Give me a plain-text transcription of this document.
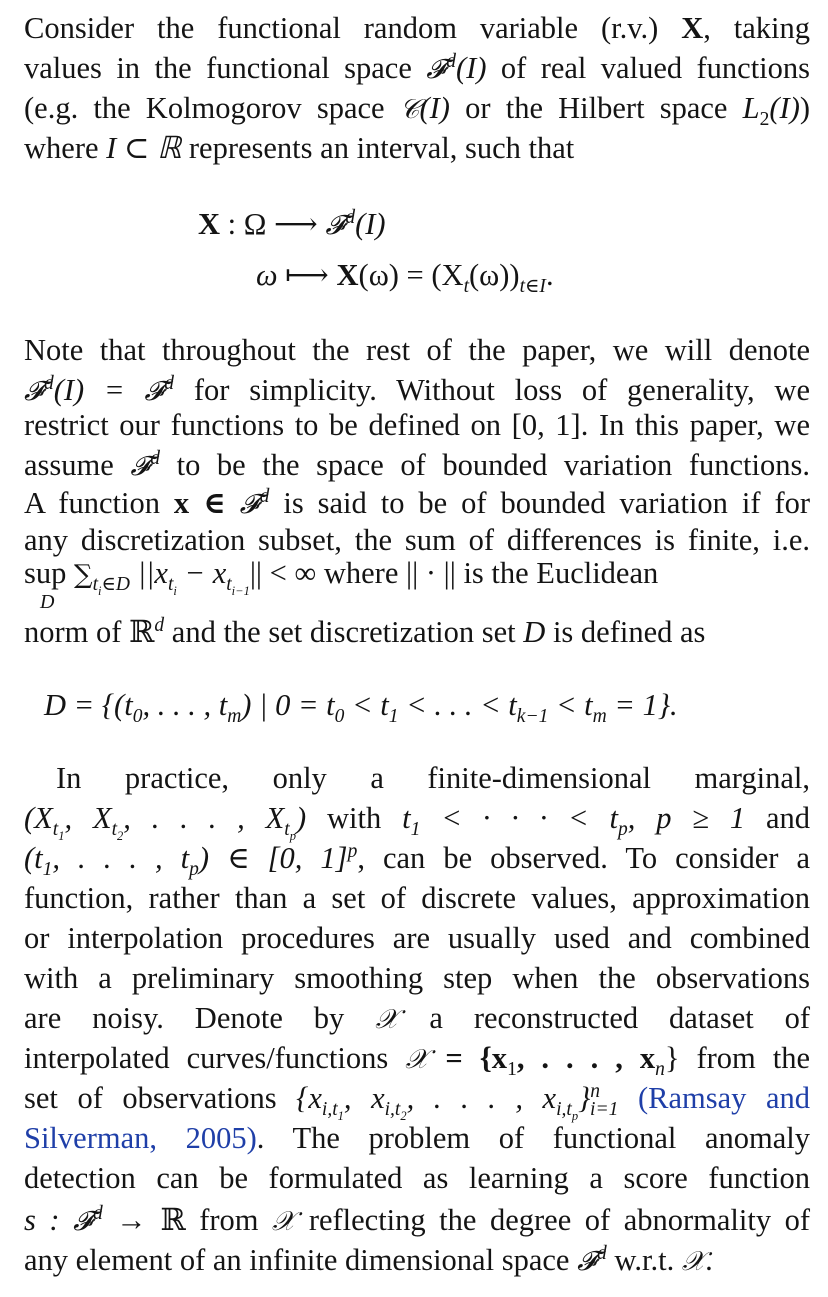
Consider the functional random variable (r.v.) X, taking
values in the functional space 𝓕$^d$(I) of real valued functions
(e.g. the Kolmogorov space 𝒞(I) or the Hilbert space $L_2(I)$)
where I ⊂ ℝ represents an interval, such that
X : Ω ⟶ 𝓕$^d$(I)
ω ⟼ $X(\omega) = (X_t(\omega))_{t\in I}$.
Note that throughout the rest of the paper, we will denote
𝓕$^d$(I) = 𝓕$^d$ for simplicity. Without loss of generality, we
restrict our functions to be defined on [0, 1]. In this paper, we
assume 𝓕$^d$ to be the space of bounded variation functions.
A function x ∈ 𝓕$^d$ is said to be of bounded variation if for
any discretization subset, the sum of differences is finite, i.e.
sup $\sum_{t_i\in D}$ $||x_{t_i} - x_{t_{i-1}}||$ < ∞ where || · || is the Euclidean
D
norm of ℝ$^d$ and the set discretization set D is defined as
$D = \{(t_0$, . . . , $t_m$) | $0 = t_0 < t_1$ < . . . < $t_{k-1} < t_m = 1$}.
In practice, only a finite-dimensional marginal,
($X_{t_1}$, $X_{t_2}$, . . . , $X_{t_p}$) with $t_1$ < · · · < $t_p$, p ≥ 1 and
($t_1$, . . . , $t_p$) ∈ [0, 1]$^p$, can be observed. To consider a
function, rather than a set of discrete values, approximation
or interpolation procedures are usually used and combined
with a preliminary smoothing step when the observations
are noisy. Denote by 𝒳 a reconstructed dataset of
interpolated curves/functions 𝒳 = {$x_1$, . . . , $x_n$} from the
set of observations {$x_{i,t_1}$, $x_{i,t_2}$, . . . , $x_{i,t_p}\}^n_{i=1}$ (Ramsay and
Silverman, 2005). The problem of functional anomaly
detection can be formulated as learning a score function
s : 𝓕$^d$ → ℝ from 𝒳 reflecting the degree of abnormality of
any element of an infinite dimensional space 𝓕$^d$ w.r.t. 𝒳.
